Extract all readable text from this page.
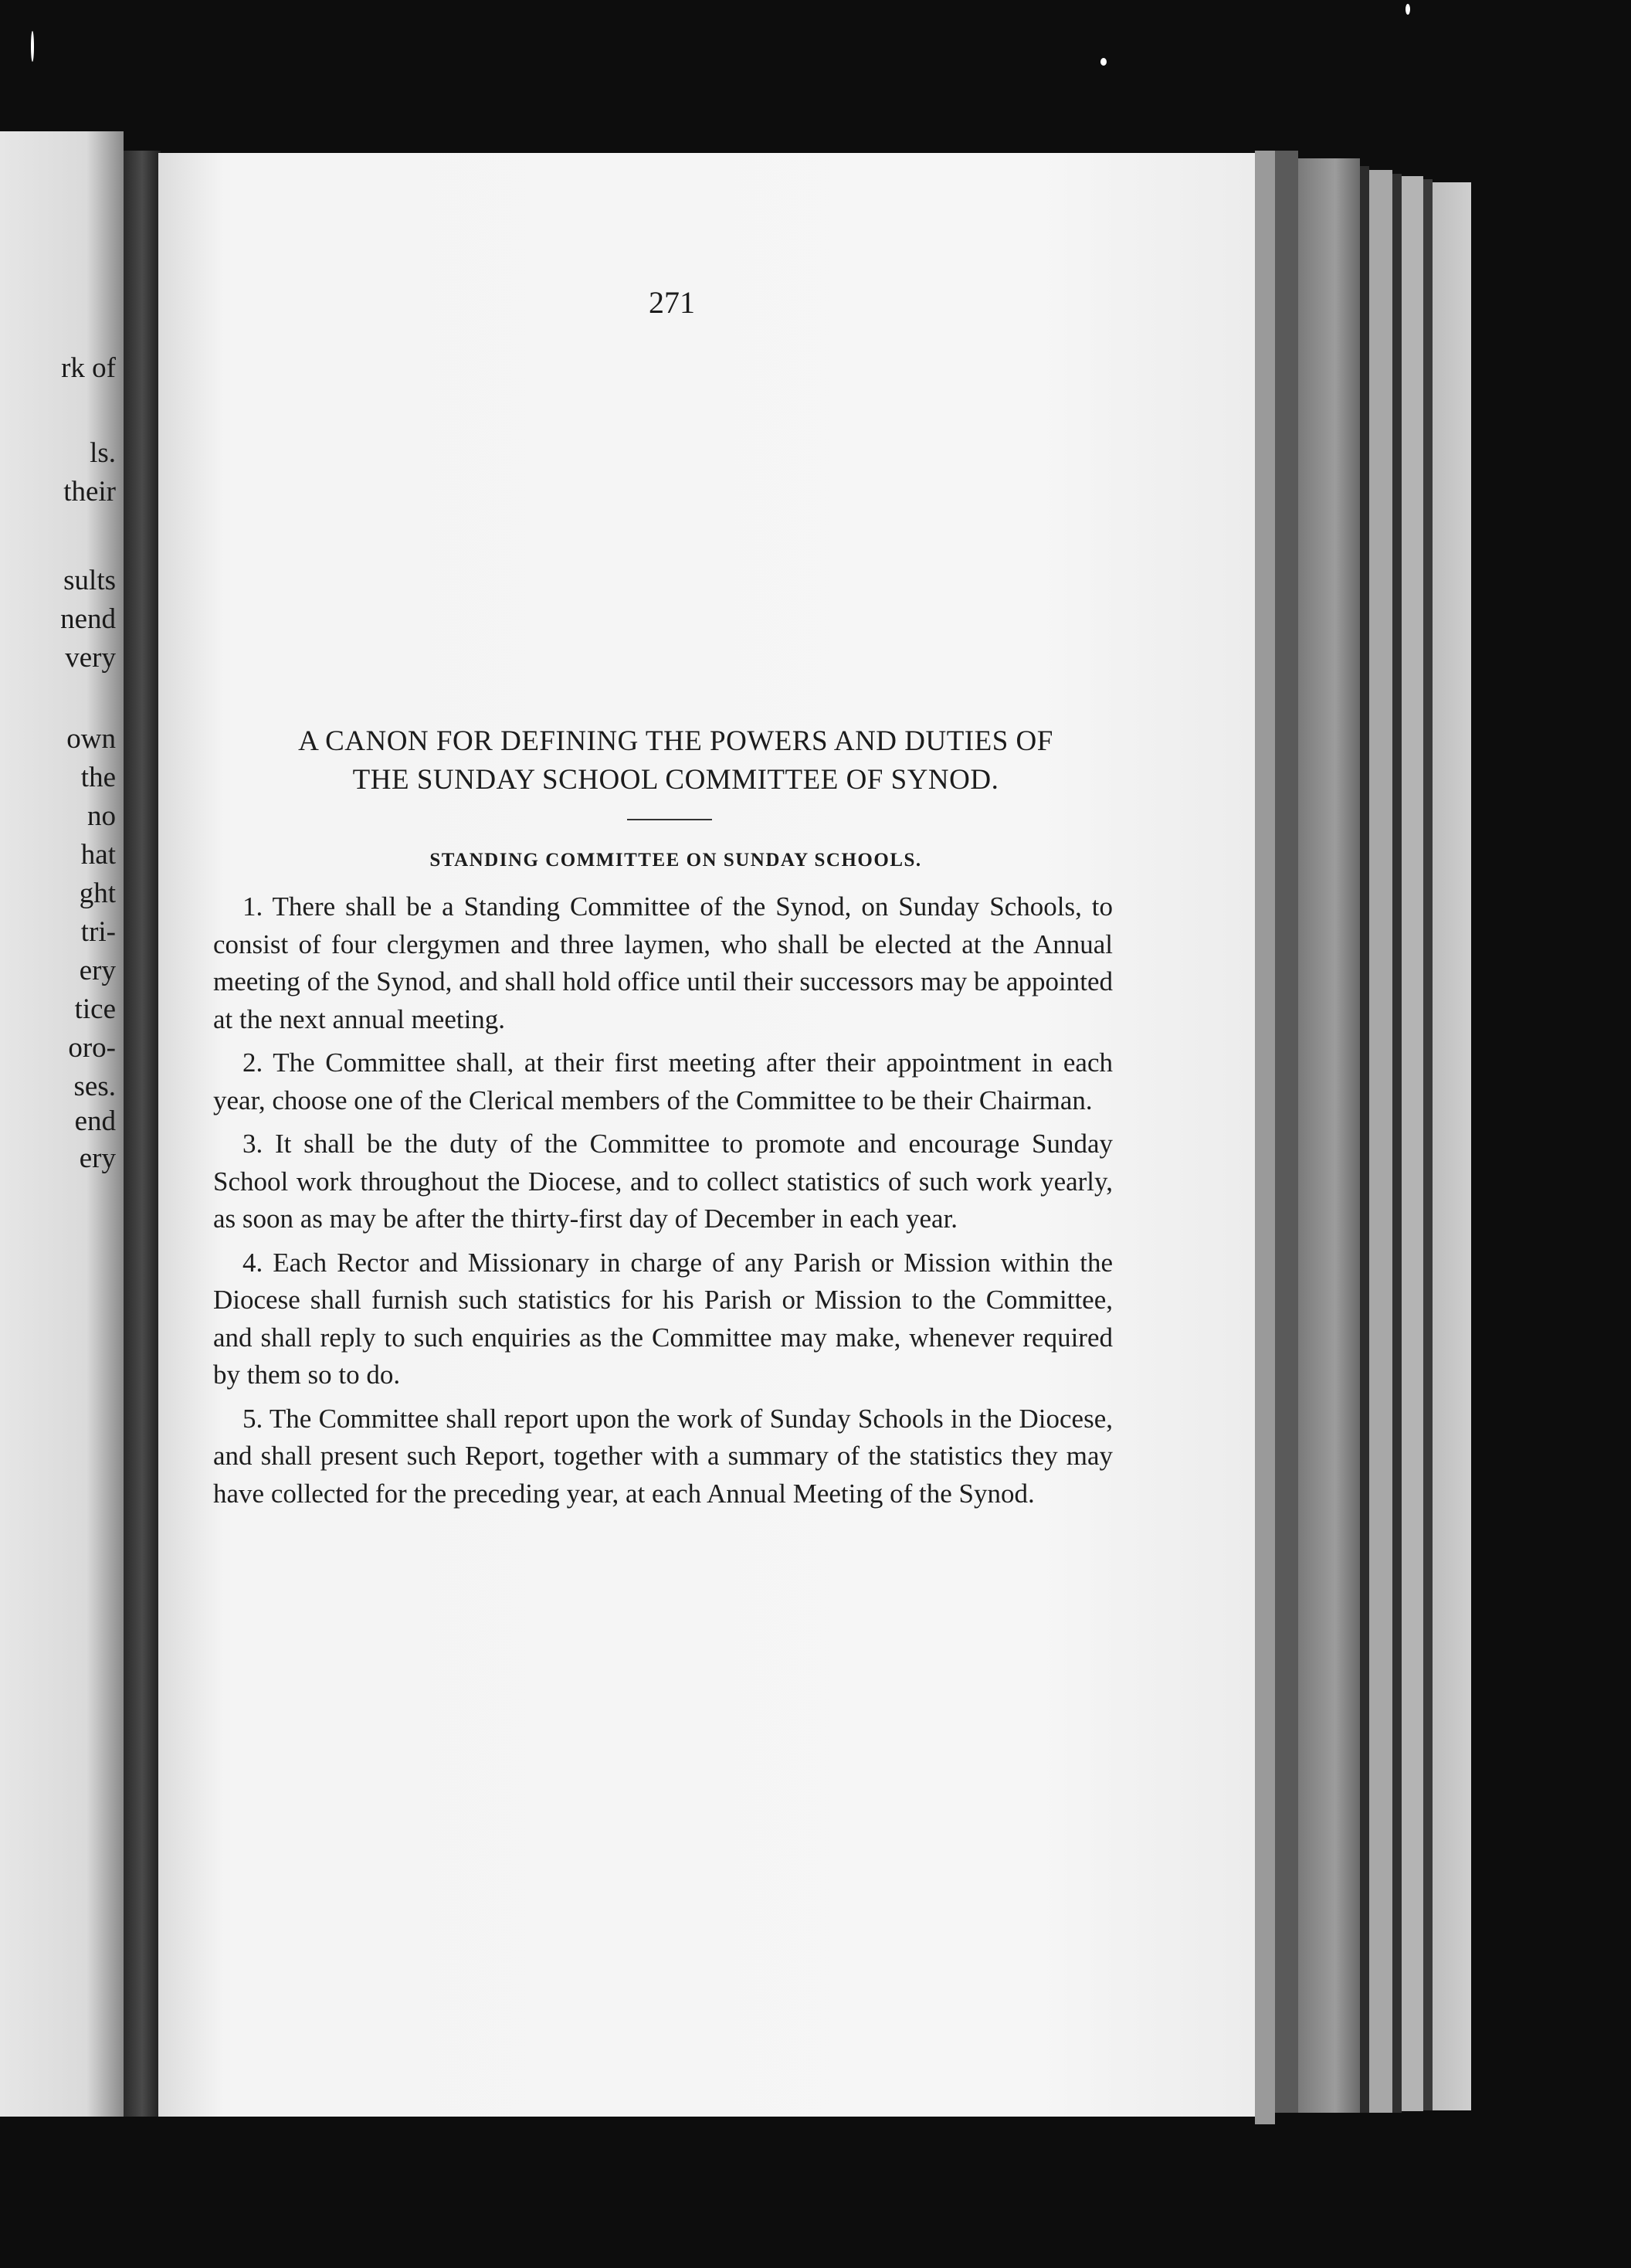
rk of
ls.
their
sults
nend
very
own
the
no
hat
ght
tri-
ery
tice
oro-
ses.
end
ery
271
A CANON FOR DEFINING THE POWERS AND DUTIES OF
THE SUNDAY SCHOOL COMMITTEE OF SYNOD.
STANDING COMMITTEE ON SUNDAY SCHOOLS.

1. There shall be a Standing Committee of the Synod, on Sunday Schools, to consist of four clergymen and three laymen, who shall be elected at the Annual meeting of the Synod, and shall hold office until their successors may be appointed at the next annual meeting.

2. The Committee shall, at their first meeting after their appointment in each year, choose one of the Clerical members of the Committee to be their Chairman.

3. It shall be the duty of the Committee to promote and encourage Sunday School work throughout the Diocese, and to collect statistics of such work yearly, as soon as may be after the thirty-first day of December in each year.

4. Each Rector and Missionary in charge of any Parish or Mission within the Diocese shall furnish such statistics for his Parish or Mission to the Committee, and shall reply to such enquiries as the Committee may make, whenever required by them so to do.

5. The Committee shall report upon the work of Sunday Schools in the Diocese, and shall present such Report, together with a summary of the statistics they may have collected for the preceding year, at each Annual Meeting of the Synod.
